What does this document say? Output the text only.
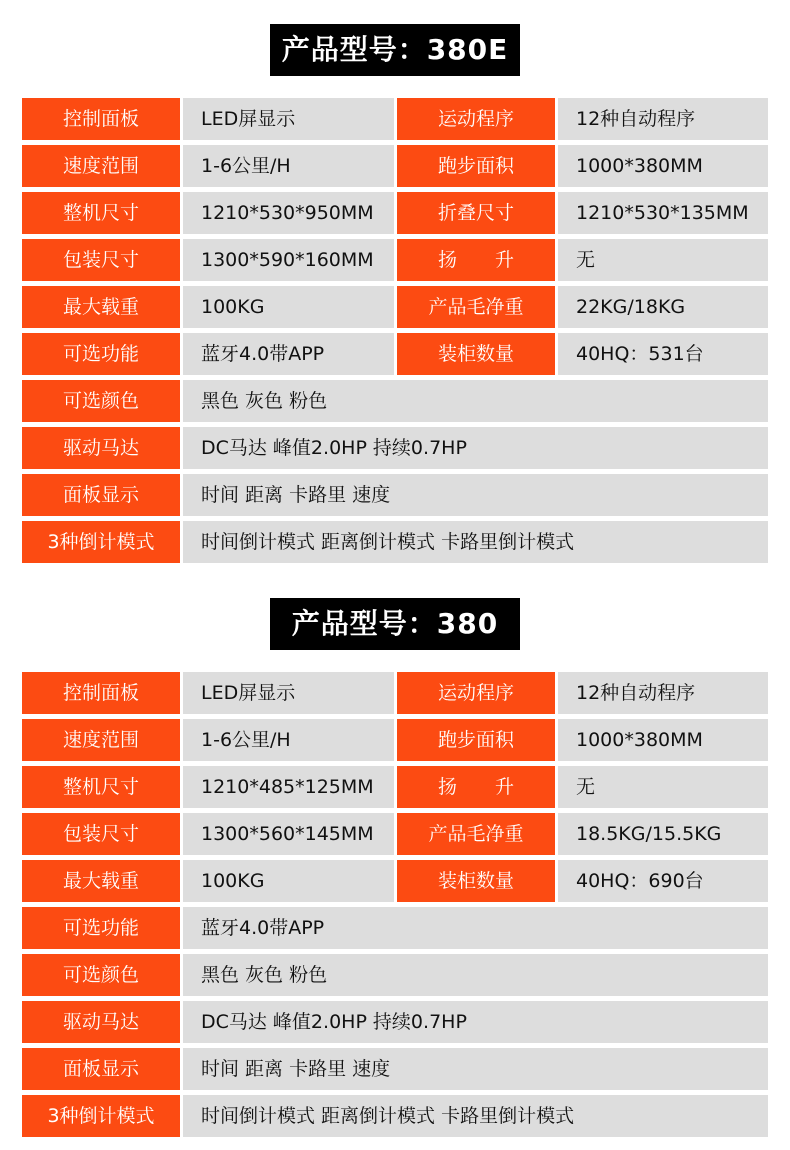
产品型号：380E
控制面板	LED屏显示	运动程序	12种自动程序
速度范围	1-6公里/H	跑步面积	1000*380MM
整机尺寸	1210*530*950MM	折叠尺寸	1210*530*135MM
包装尺寸	1300*590*160MM	扬　　升	无
最大载重	100KG	产品毛净重	22KG/18KG
可选功能	蓝牙4.0带APP	装柜数量	40HQ：531台
可选颜色	黑色 灰色 粉色
驱动马达	DC马达 峰值2.0HP 持续0.7HP
面板显示	时间 距离 卡路里 速度
3种倒计模式	时间倒计模式 距离倒计模式 卡路里倒计模式
产品型号：380
控制面板	LED屏显示	运动程序	12种自动程序
速度范围	1-6公里/H	跑步面积	1000*380MM
整机尺寸	1210*485*125MM	扬　　升	无
包装尺寸	1300*560*145MM	产品毛净重	18.5KG/15.5KG
最大载重	100KG	装柜数量	40HQ：690台
可选功能	蓝牙4.0带APP
可选颜色	黑色 灰色 粉色
驱动马达	DC马达 峰值2.0HP 持续0.7HP
面板显示	时间 距离 卡路里 速度
3种倒计模式	时间倒计模式 距离倒计模式 卡路里倒计模式
